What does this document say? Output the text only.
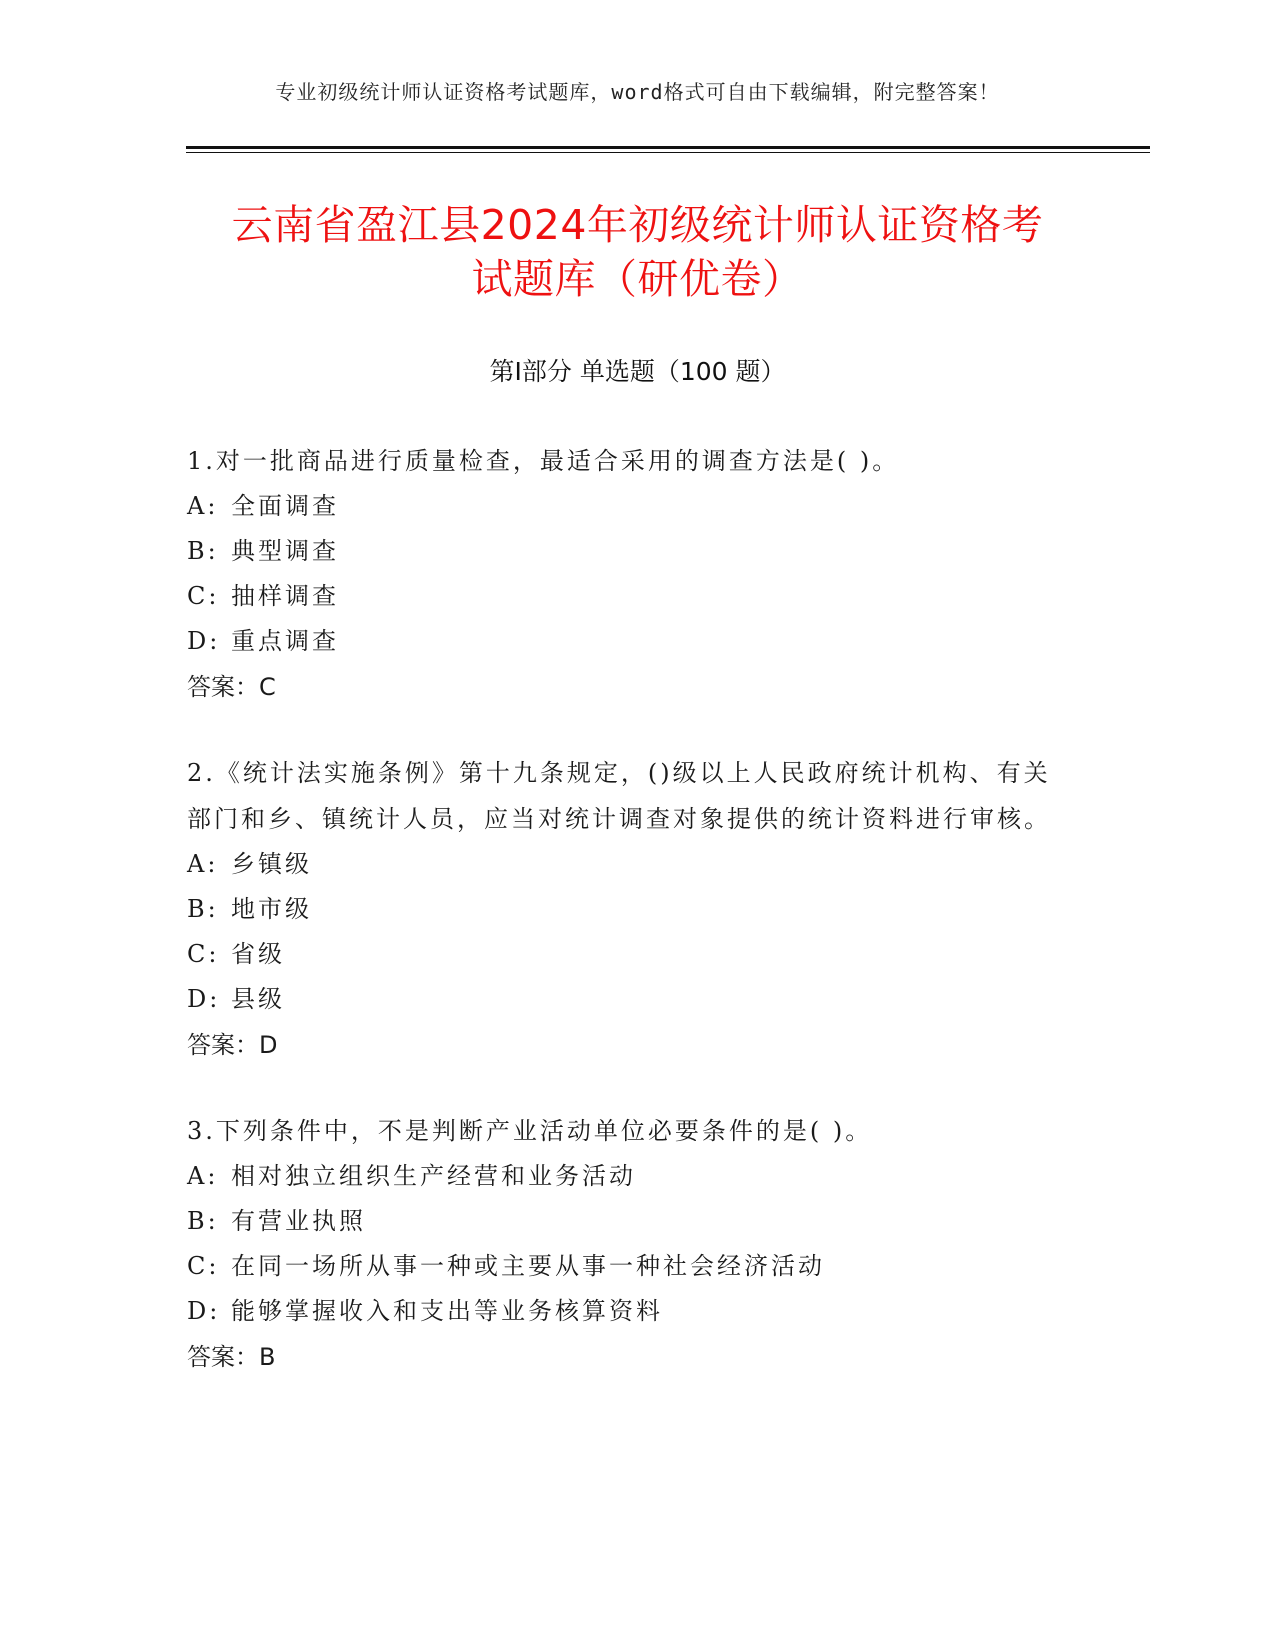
专业初级统计师认证资格考试题库，word格式可自由下载编辑，附完整答案！
云南省盈江县2024年初级统计师认证资格考
试题库（研优卷）
第Ⅰ部分 单选题（100 题）

1.对一批商品进行质量检查，最适合采用的调查方法是( )。

A: 全面调查

B: 典型调查

C: 抽样调查

D: 重点调查

答案：C

2.《统计法实施条例》第十九条规定，()级以上人民政府统计机构、有关部门和乡、镇统计人员，应当对统计调查对象提供的统计资料进行审核。

A: 乡镇级

B: 地市级

C: 省级

D: 县级

答案：D

3.下列条件中，不是判断产业活动单位必要条件的是( )。

A: 相对独立组织生产经营和业务活动

B: 有营业执照

C: 在同一场所从事一种或主要从事一种社会经济活动

D: 能够掌握收入和支出等业务核算资料

答案：B
